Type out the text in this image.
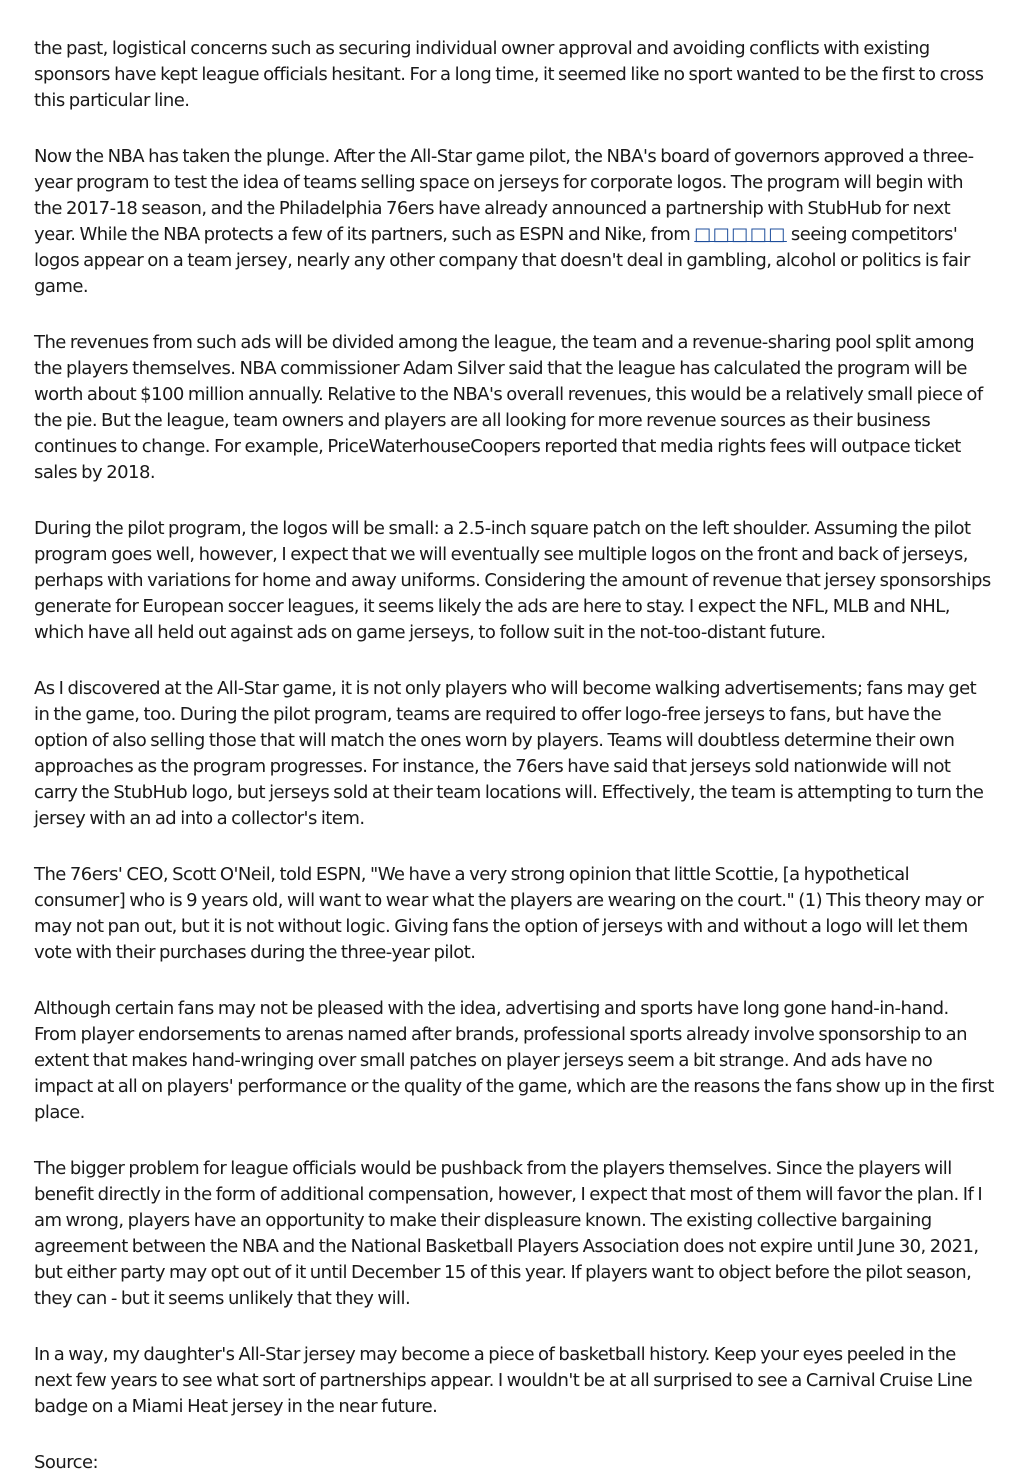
the past, logistical concerns such as securing individual owner approval and avoiding conflicts with existing sponsors have kept league officials hesitant. For a long time, it seemed like no sport wanted to be the first to cross this particular line.

Now the NBA has taken the plunge. After the All-Star game pilot, the NBA's board of governors approved a three-year program to test the idea of teams selling space on jerseys for corporate logos. The program will begin with the 2017-18 season, and the Philadelphia 76ers have already announced a partnership with StubHub for next year. While the NBA protects a few of its partners, such as ESPN and Nike, from □□□□□ seeing competitors' logos appear on a team jersey, nearly any other company that doesn't deal in gambling, alcohol or politics is fair game.

The revenues from such ads will be divided among the league, the team and a revenue-sharing pool split among the players themselves. NBA commissioner Adam Silver said that the league has calculated the program will be worth about $100 million annually. Relative to the NBA's overall revenues, this would be a relatively small piece of the pie. But the league, team owners and players are all looking for more revenue sources as their business continues to change. For example, PriceWaterhouseCoopers reported that media rights fees will outpace ticket sales by 2018.

During the pilot program, the logos will be small: a 2.5-inch square patch on the left shoulder. Assuming the pilot program goes well, however, I expect that we will eventually see multiple logos on the front and back of jerseys, perhaps with variations for home and away uniforms. Considering the amount of revenue that jersey sponsorships generate for European soccer leagues, it seems likely the ads are here to stay. I expect the NFL, MLB and NHL, which have all held out against ads on game jerseys, to follow suit in the not-too-distant future.

As I discovered at the All-Star game, it is not only players who will become walking advertisements; fans may get in the game, too. During the pilot program, teams are required to offer logo-free jerseys to fans, but have the option of also selling those that will match the ones worn by players. Teams will doubtless determine their own approaches as the program progresses. For instance, the 76ers have said that jerseys sold nationwide will not carry the StubHub logo, but jerseys sold at their team locations will. Effectively, the team is attempting to turn the jersey with an ad into a collector's item.

The 76ers' CEO, Scott O'Neil, told ESPN, "We have a very strong opinion that little Scottie, [a hypothetical consumer] who is 9 years old, will want to wear what the players are wearing on the court." (1) This theory may or may not pan out, but it is not without logic. Giving fans the option of jerseys with and without a logo will let them vote with their purchases during the three-year pilot.

Although certain fans may not be pleased with the idea, advertising and sports have long gone hand-in-hand. From player endorsements to arenas named after brands, professional sports already involve sponsorship to an extent that makes hand-wringing over small patches on player jerseys seem a bit strange. And ads have no impact at all on players' performance or the quality of the game, which are the reasons the fans show up in the first place.

The bigger problem for league officials would be pushback from the players themselves. Since the players will benefit directly in the form of additional compensation, however, I expect that most of them will favor the plan. If I am wrong, players have an opportunity to make their displeasure known. The existing collective bargaining agreement between the NBA and the National Basketball Players Association does not expire until June 30, 2021, but either party may opt out of it until December 15 of this year. If players want to object before the pilot season, they can - but it seems unlikely that they will.

In a way, my daughter's All-Star jersey may become a piece of basketball history. Keep your eyes peeled in the next few years to see what sort of partnerships appear. I wouldn't be at all surprised to see a Carnival Cruise Line badge on a Miami Heat jersey in the near future.

Source:
